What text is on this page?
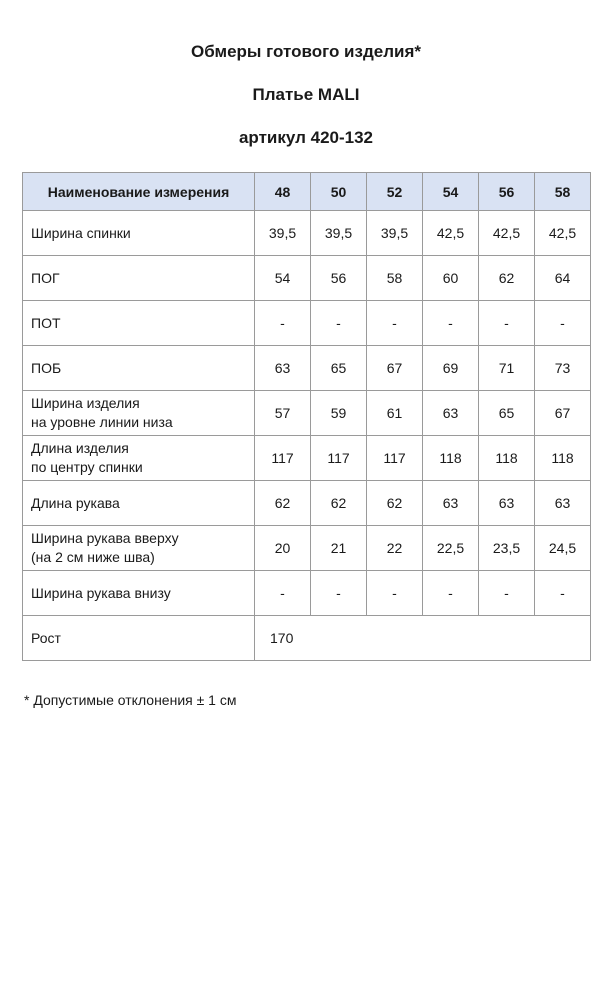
Обмеры готового изделия*

Платье MALI

артикул 420-132

Наименование измерения	48	50	52	54	56	58

Ширина спинки	39,5	39,5	39,5	42,5	42,5	42,5

ПОГ	54	56	58	60	62	64

ПОТ	-	-	-	-	-	-

ПОБ	63	65	67	69	71	73

Ширина изделия
на уровне линии низа	57	59	61	63	65	67

Длина изделия
по центру спинки	117	117	117	118	118	118

Длина рукава	62	62	62	63	63	63

Ширина рукава вверху
(на 2 см ниже шва)	20	21	22	22,5	23,5	24,5

Ширина рукава внизу	-	-	-	-	-	-
Рост	170					
* Допустимые отклонения ± 1 см
